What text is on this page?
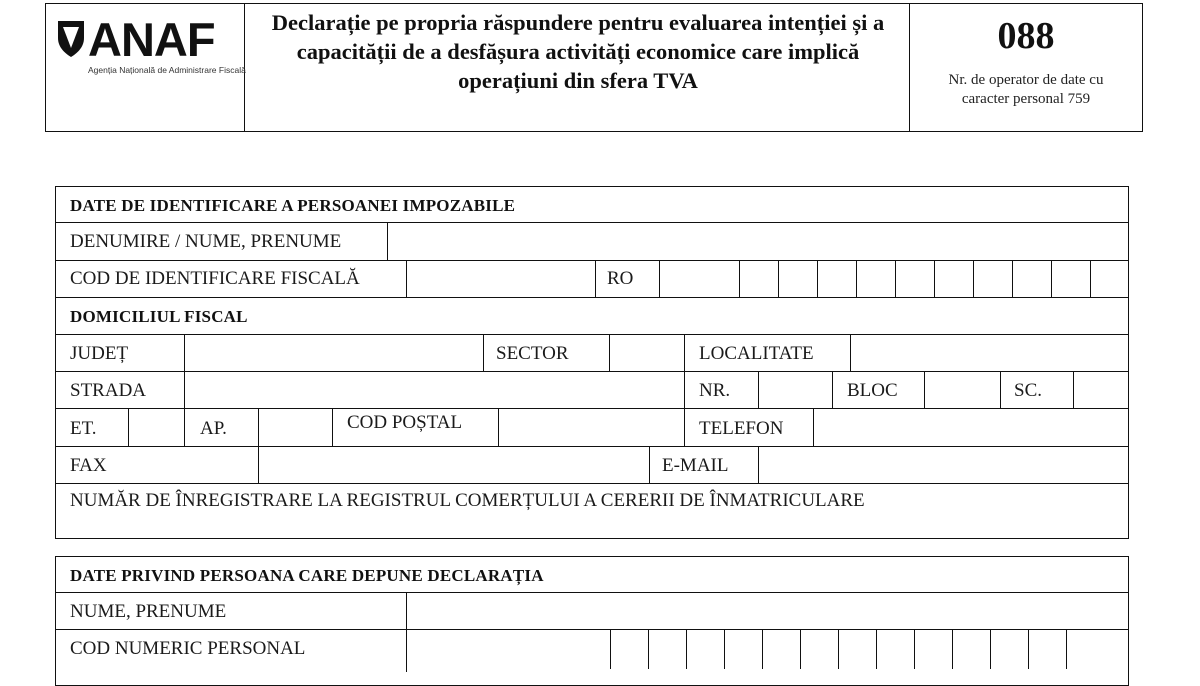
ANAF
Agenția Națională de Administrare Fiscală
Declarație pe propria răspundere pentru evaluarea intenției și a capacității de a desfășura activități economice care implică operațiuni din sfera TVA
088
Nr. de operator de date cu
caracter personal 759
DATE DE IDENTIFICARE A PERSOANEI IMPOZABILE
DENUMIRE / NUME, PRENUME
COD DE IDENTIFICARE FISCALĂ	RO
DOMICILIUL FISCAL
JUDEȚ	SECTOR	LOCALITATE
STRADA	NR.	BLOC	SC.
ET.	AP.	COD POȘTAL	TELEFON
FAX	E-MAIL
NUMĂR DE ÎNREGISTRARE LA REGISTRUL COMERȚULUI A CERERII DE ÎNMATRICULARE
DATE PRIVIND PERSOANA CARE DEPUNE DECLARAȚIA
NUME, PRENUME
COD NUMERIC PERSONAL
